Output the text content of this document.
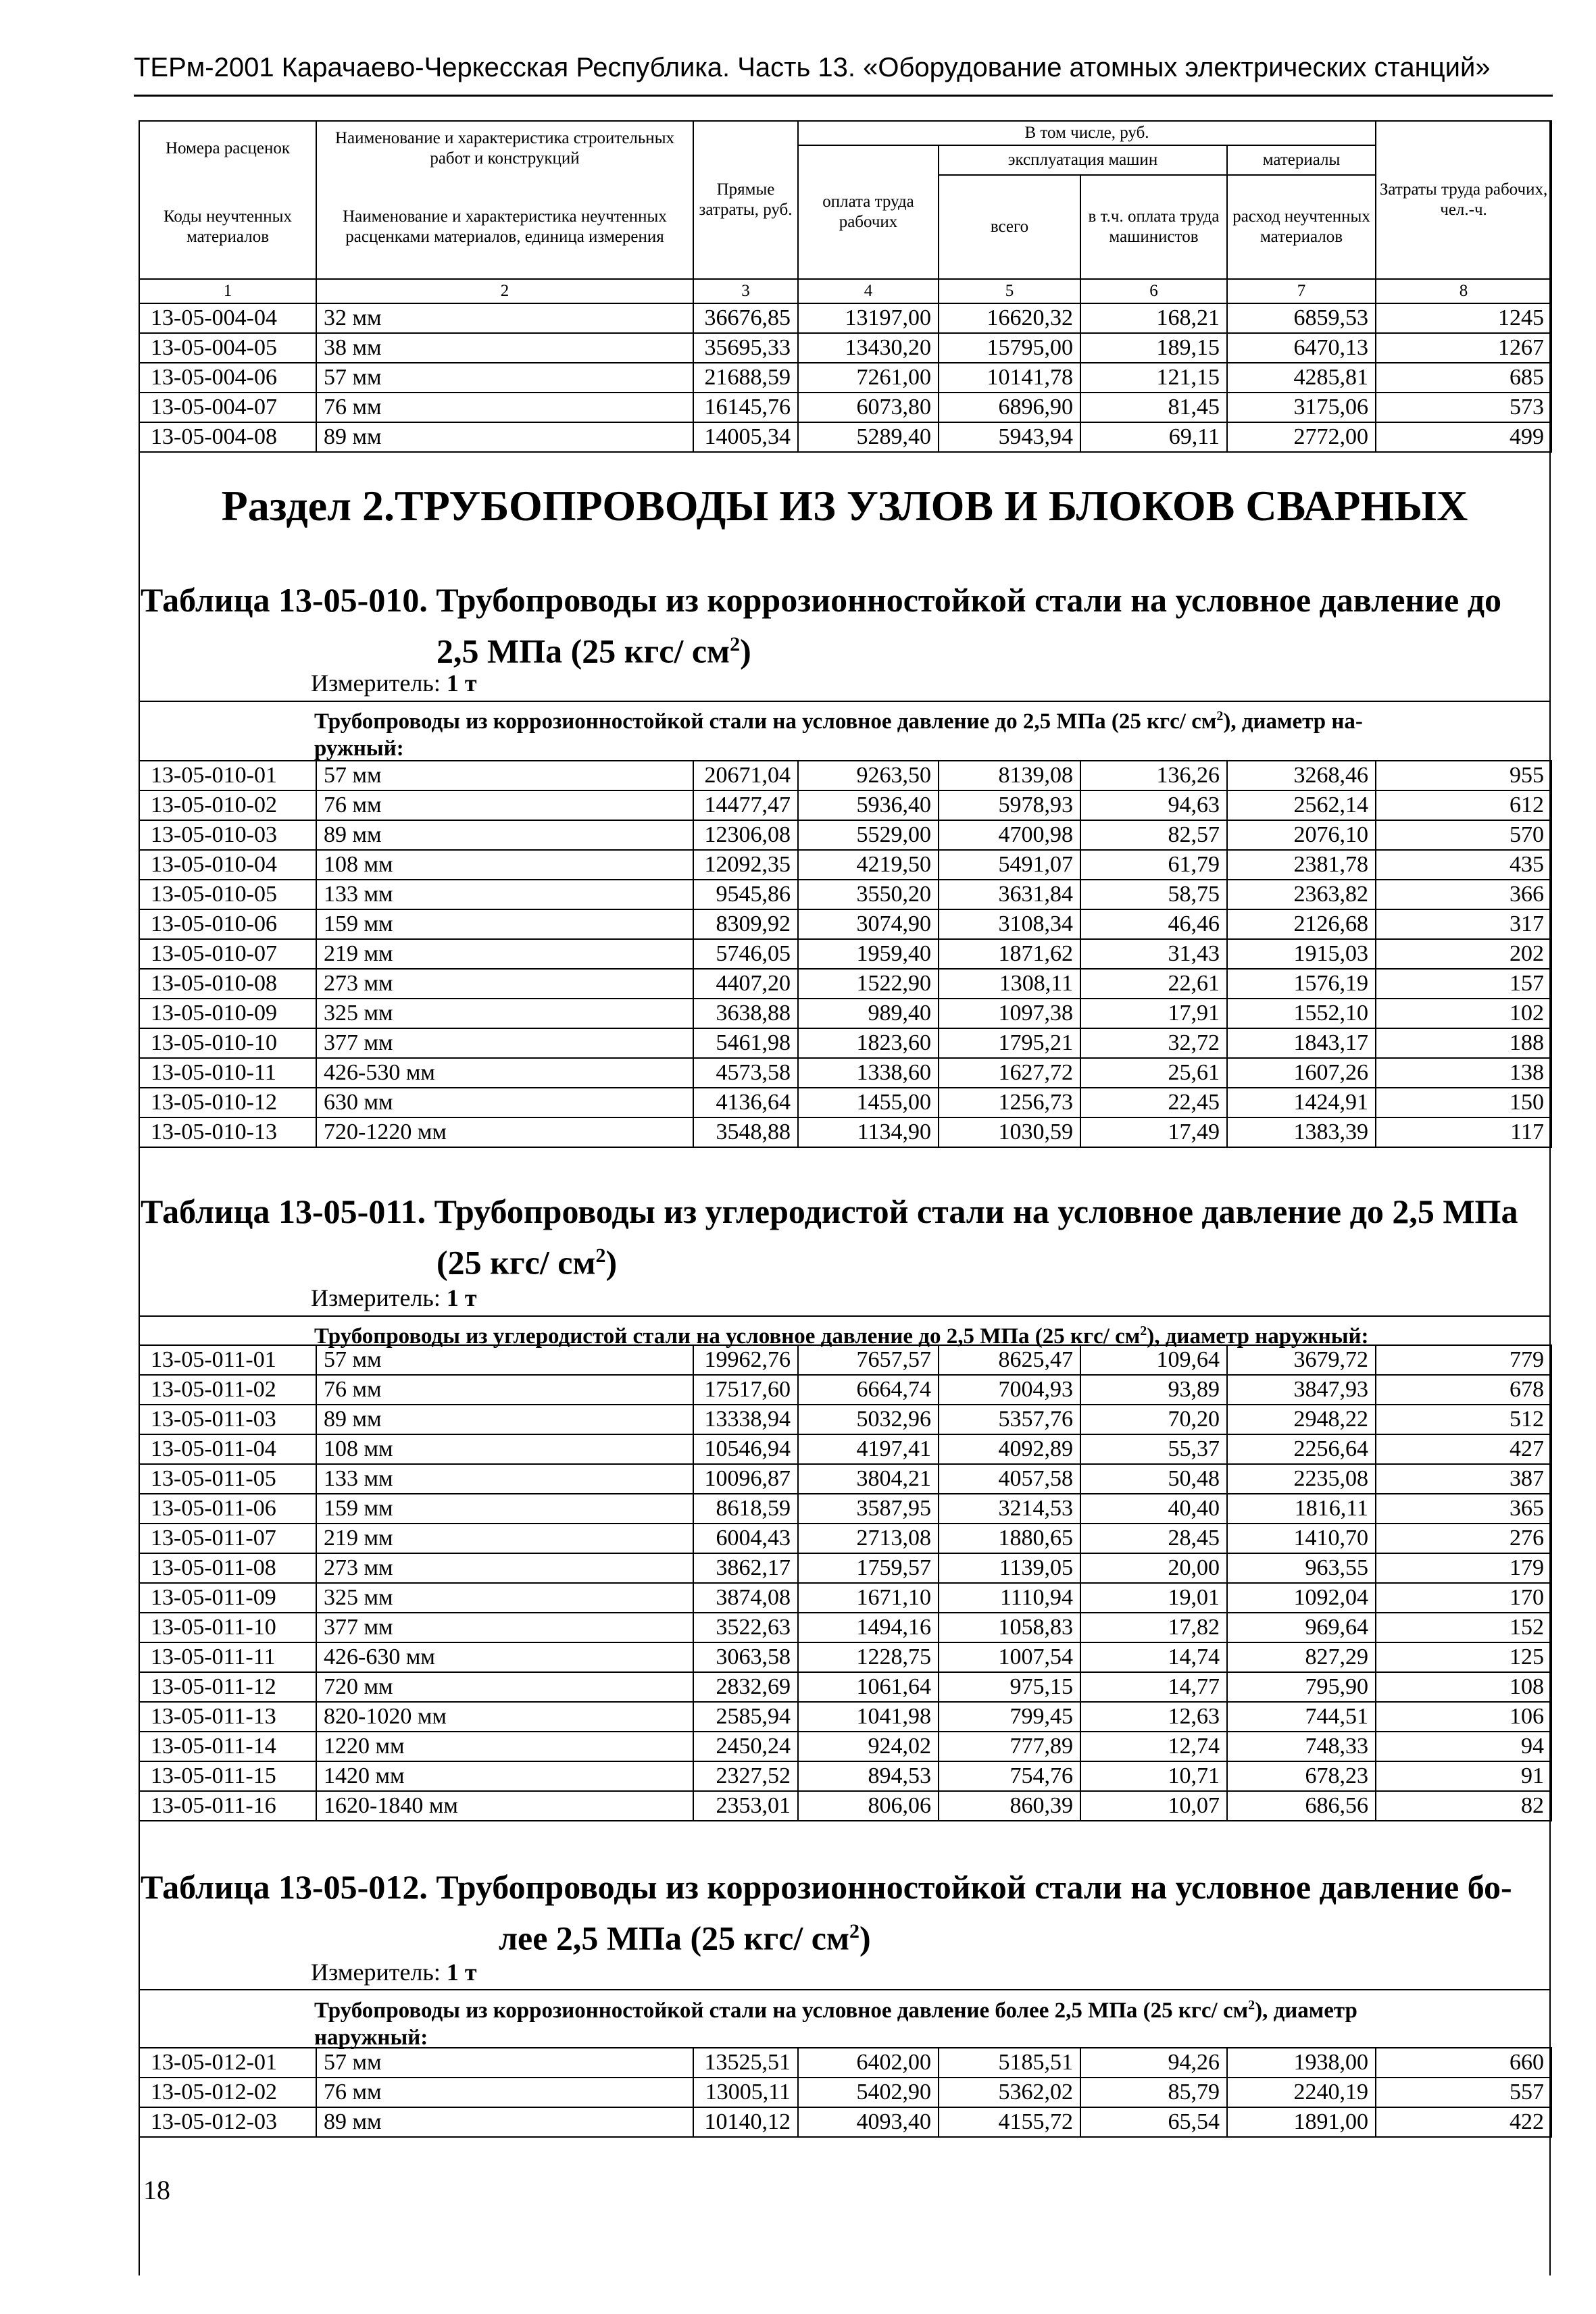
ТЕРм-2001 Карачаево-Черкесская Республика. Часть 13. «Оборудование атомных электрических станций»
Номера расценок	Наименование и характеристика строительных работ и конструкций	Прямые затраты, руб.	В том числе, руб.				Затраты труда рабочих, чел.-ч.
			оплата труда рабочих	эксплуатация машин		материалы	
Коды неучтенных материалов	Наименование и характеристика неучтенных расценками материалов, единица измерения			всего	в т.ч. оплата труда машинистов	расход неучтенных материалов	
1	2	3	4	5	6	7	8
13-05-004-04	32 мм	36676,85	13197,00	16620,32	168,21	6859,53	1245
13-05-004-05	38 мм	35695,33	13430,20	15795,00	189,15	6470,13	1267
13-05-004-06	57 мм	21688,59	7261,00	10141,78	121,15	4285,81	685
13-05-004-07	76 мм	16145,76	6073,80	6896,90	81,45	3175,06	573
13-05-004-08	89 мм	14005,34	5289,40	5943,94	69,11	2772,00	499
Раздел 2.ТРУБОПРОВОДЫ ИЗ УЗЛОВ И БЛОКОВ СВАРНЫХ
Таблица 13-05-010. Трубопроводы из коррозионностойкой стали на условное давление до
2,5 МПа (25 кгс/ $см^2$)
Измеритель: 1 т
Трубопроводы из коррозионностойкой стали на условное давление до 2,5 МПа (25 кгс/ $см^2$), диаметр на-
ружный:
13-05-010-01	57 мм	20671,04	9263,50	8139,08	136,26	3268,46	955
13-05-010-02	76 мм	14477,47	5936,40	5978,93	94,63	2562,14	612
13-05-010-03	89 мм	12306,08	5529,00	4700,98	82,57	2076,10	570
13-05-010-04	108 мм	12092,35	4219,50	5491,07	61,79	2381,78	435
13-05-010-05	133 мм	9545,86	3550,20	3631,84	58,75	2363,82	366
13-05-010-06	159 мм	8309,92	3074,90	3108,34	46,46	2126,68	317
13-05-010-07	219 мм	5746,05	1959,40	1871,62	31,43	1915,03	202
13-05-010-08	273 мм	4407,20	1522,90	1308,11	22,61	1576,19	157
13-05-010-09	325 мм	3638,88	989,40	1097,38	17,91	1552,10	102
13-05-010-10	377 мм	5461,98	1823,60	1795,21	32,72	1843,17	188
13-05-010-11	426-530 мм	4573,58	1338,60	1627,72	25,61	1607,26	138
13-05-010-12	630 мм	4136,64	1455,00	1256,73	22,45	1424,91	150
13-05-010-13	720-1220 мм	3548,88	1134,90	1030,59	17,49	1383,39	117
Таблица 13-05-011. Трубопроводы из углеродистой стали на условное давление до 2,5 МПа
(25 кгс/ $см^2$)
Измеритель: 1 т
Трубопроводы из углеродистой стали на условное давление до 2,5 МПа (25 кгс/ $см^2$), диаметр наружный:
13-05-011-01	57 мм	19962,76	7657,57	8625,47	109,64	3679,72	779
13-05-011-02	76 мм	17517,60	6664,74	7004,93	93,89	3847,93	678
13-05-011-03	89 мм	13338,94	5032,96	5357,76	70,20	2948,22	512
13-05-011-04	108 мм	10546,94	4197,41	4092,89	55,37	2256,64	427
13-05-011-05	133 мм	10096,87	3804,21	4057,58	50,48	2235,08	387
13-05-011-06	159 мм	8618,59	3587,95	3214,53	40,40	1816,11	365
13-05-011-07	219 мм	6004,43	2713,08	1880,65	28,45	1410,70	276
13-05-011-08	273 мм	3862,17	1759,57	1139,05	20,00	963,55	179
13-05-011-09	325 мм	3874,08	1671,10	1110,94	19,01	1092,04	170
13-05-011-10	377 мм	3522,63	1494,16	1058,83	17,82	969,64	152
13-05-011-11	426-630 мм	3063,58	1228,75	1007,54	14,74	827,29	125
13-05-011-12	720 мм	2832,69	1061,64	975,15	14,77	795,90	108
13-05-011-13	820-1020 мм	2585,94	1041,98	799,45	12,63	744,51	106
13-05-011-14	1220 мм	2450,24	924,02	777,89	12,74	748,33	94
13-05-011-15	1420 мм	2327,52	894,53	754,76	10,71	678,23	91
13-05-011-16	1620-1840 мм	2353,01	806,06	860,39	10,07	686,56	82
Таблица 13-05-012. Трубопроводы из коррозионностойкой стали на условное давление бо-
лее 2,5 МПа (25 кгс/ $см^2$)
Измеритель: 1 т
Трубопроводы из коррозионностойкой стали на условное давление более 2,5 МПа (25 кгс/ $см^2$), диаметр
наружный:
13-05-012-01	57 мм	13525,51	6402,00	5185,51	94,26	1938,00	660
13-05-012-02	76 мм	13005,11	5402,90	5362,02	85,79	2240,19	557
13-05-012-03	89 мм	10140,12	4093,40	4155,72	65,54	1891,00	422
18
